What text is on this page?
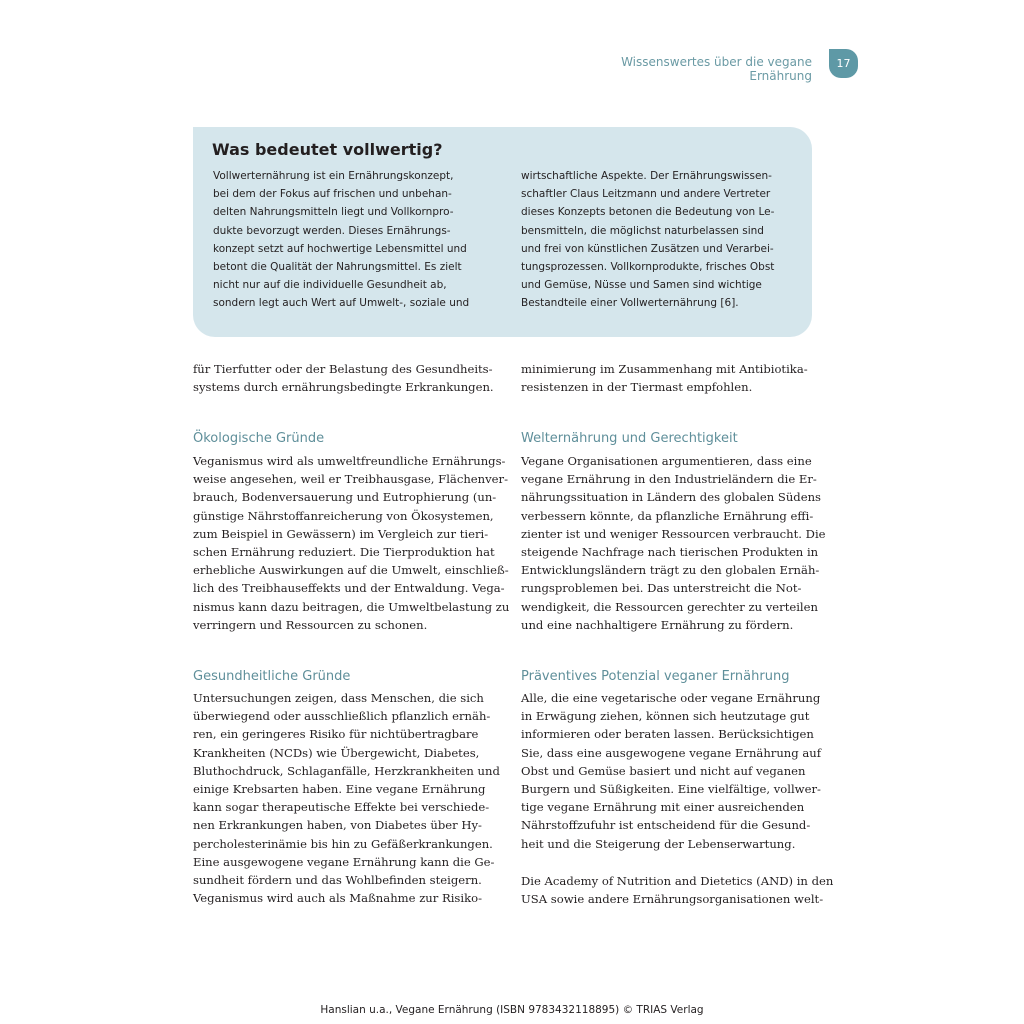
Wissenswertes über die vegane Ernährung
17
Was bedeutet vollwertig?
Vollwerternährung ist ein Ernährungskonzept,
bei dem der Fokus auf frischen und unbehan-
delten Nahrungsmitteln liegt und Vollkornpro-
dukte bevorzugt werden. Dieses Ernährungs-
konzept setzt auf hochwertige Lebensmittel und
betont die Qualität der Nahrungsmittel. Es zielt
nicht nur auf die individuelle Gesundheit ab,
sondern legt auch Wert auf Umwelt-, soziale und
wirtschaftliche Aspekte. Der Ernährungswissen-
schaftler Claus Leitzmann und andere Vertreter
dieses Konzepts betonen die Bedeutung von Le-
bensmitteln, die möglichst naturbelassen sind
und frei von künstlichen Zusätzen und Verarbei-
tungsprozessen. Vollkornprodukte, frisches Obst
und Gemüse, Nüsse und Samen sind wichtige
Bestandteile einer Vollwerternährung [6].
für Tierfutter oder der Belastung des Gesundheits-
systems durch ernährungsbedingte Erkrankungen.
Ökologische Gründe
Veganismus wird als umweltfreundliche Ernährungs-
weise angesehen, weil er Treibhausgase, Flächenver-
brauch, Bodenversauerung und Eutrophierung (un-
günstige Nährstoffanreicherung von Ökosystemen,
zum Beispiel in Gewässern) im Vergleich zur tieri-
schen Ernährung reduziert. Die Tierproduktion hat
erhebliche Auswirkungen auf die Umwelt, einschließ-
lich des Treibhauseffekts und der Entwaldung. Vega-
nismus kann dazu beitragen, die Umweltbelastung zu
verringern und Ressourcen zu schonen.
Gesundheitliche Gründe
Untersuchungen zeigen, dass Menschen, die sich
überwiegend oder ausschließlich pflanzlich ernäh-
ren, ein geringeres Risiko für nichtübertragbare
Krankheiten (NCDs) wie Übergewicht, Diabetes,
Bluthochdruck, Schlaganfälle, Herzkrankheiten und
einige Krebsarten haben. Eine vegane Ernährung
kann sogar therapeutische Effekte bei verschiede-
nen Erkrankungen haben, von Diabetes über Hy-
percholesterinämie bis hin zu Gefäßerkrankungen.
Eine ausgewogene vegane Ernährung kann die Ge-
sundheit fördern und das Wohlbefinden steigern.
Veganismus wird auch als Maßnahme zur Risiko-
minimierung im Zusammenhang mit Antibiotika-
resistenzen in der Tiermast empfohlen.
Welternährung und Gerechtigkeit
Vegane Organisationen argumentieren, dass eine
vegane Ernährung in den Industrieländern die Er-
nährungssituation in Ländern des globalen Südens
verbessern könnte, da pflanzliche Ernährung effi-
zienter ist und weniger Ressourcen verbraucht. Die
steigende Nachfrage nach tierischen Produkten in
Entwicklungsländern trägt zu den globalen Ernäh-
rungsproblemen bei. Das unterstreicht die Not-
wendigkeit, die Ressourcen gerechter zu verteilen
und eine nachhaltigere Ernährung zu fördern.
Präventives Potenzial veganer Ernährung
Alle, die eine vegetarische oder vegane Ernährung
in Erwägung ziehen, können sich heutzutage gut
informieren oder beraten lassen. Berücksichtigen
Sie, dass eine ausgewogene vegane Ernährung auf
Obst und Gemüse basiert und nicht auf veganen
Burgern und Süßigkeiten. Eine vielfältige, vollwer-
tige vegane Ernährung mit einer ausreichenden
Nährstoffzufuhr ist entscheidend für die Gesund-
heit und die Steigerung der Lebenserwartung.
Die Academy of Nutrition and Dietetics (AND) in den
USA sowie andere Ernährungsorganisationen welt-
Hanslian u.a., Vegane Ernährung (ISBN 9783432118895) © TRIAS Verlag
